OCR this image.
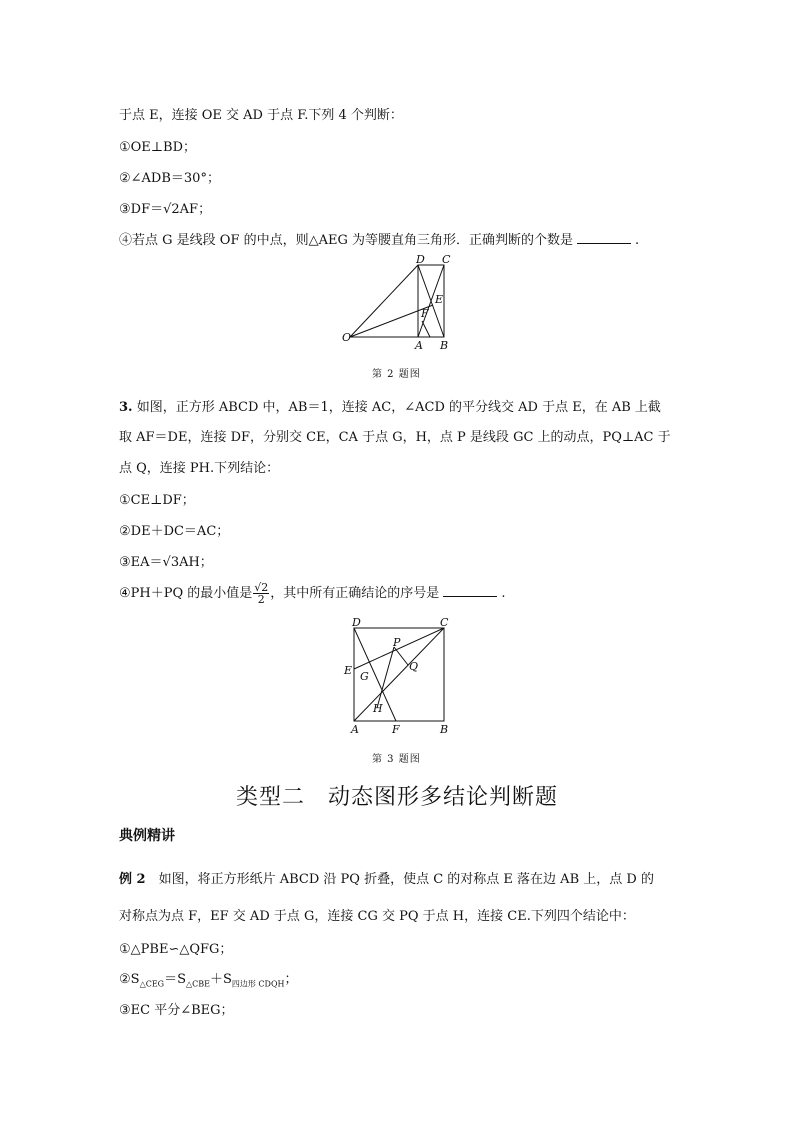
于点 E，连接 OE 交 AD 于点 F.下列 4 个判断：
①OE⊥BD；
②∠ADB＝30°；
③DF＝√2AF；
④若点 G 是线段 OF 的中点，则△AEG 为等腰直角三角形．正确判断的个数是	.
D C
E
F
O
A B
第 2 题图
3. 如图，正方形 ABCD 中，AB＝1，连接 AC，∠ACD 的平分线交 AD 于点 E，在 AB 上截
取 AF＝DE，连接 DF，分别交 CE，CA 于点 G，H，点 P 是线段 GC 上的动点，PQ⊥AC 于
点 Q，连接 PH.下列结论：
①CE⊥DF；
②DE＋DC＝AC；
③EA＝√3AH；
④PH＋PQ 的最小值是 $\frac{√2}{2}$ ，其中所有正确结论的序号是	.
D	C
P
E G
Q
H
A	F	B
第 3 题图
类型二　动态图形多结论判断题
典例精讲
例 2　 如图，将正方形纸片 ABCD 沿 PQ 折叠，使点 C 的对称点 E 落在边 AB 上，点 D 的
对称点为点 F，EF 交 AD 于点 G，连接 CG 交 PQ 于点 H，连接 CE.下列四个结论中：
①△PBE∽△QFG；
$②S_{\triangle CEG}=S_{\triangle CBE}+S_{四边形 CDQH}$；
③EC 平分∠BEG；
